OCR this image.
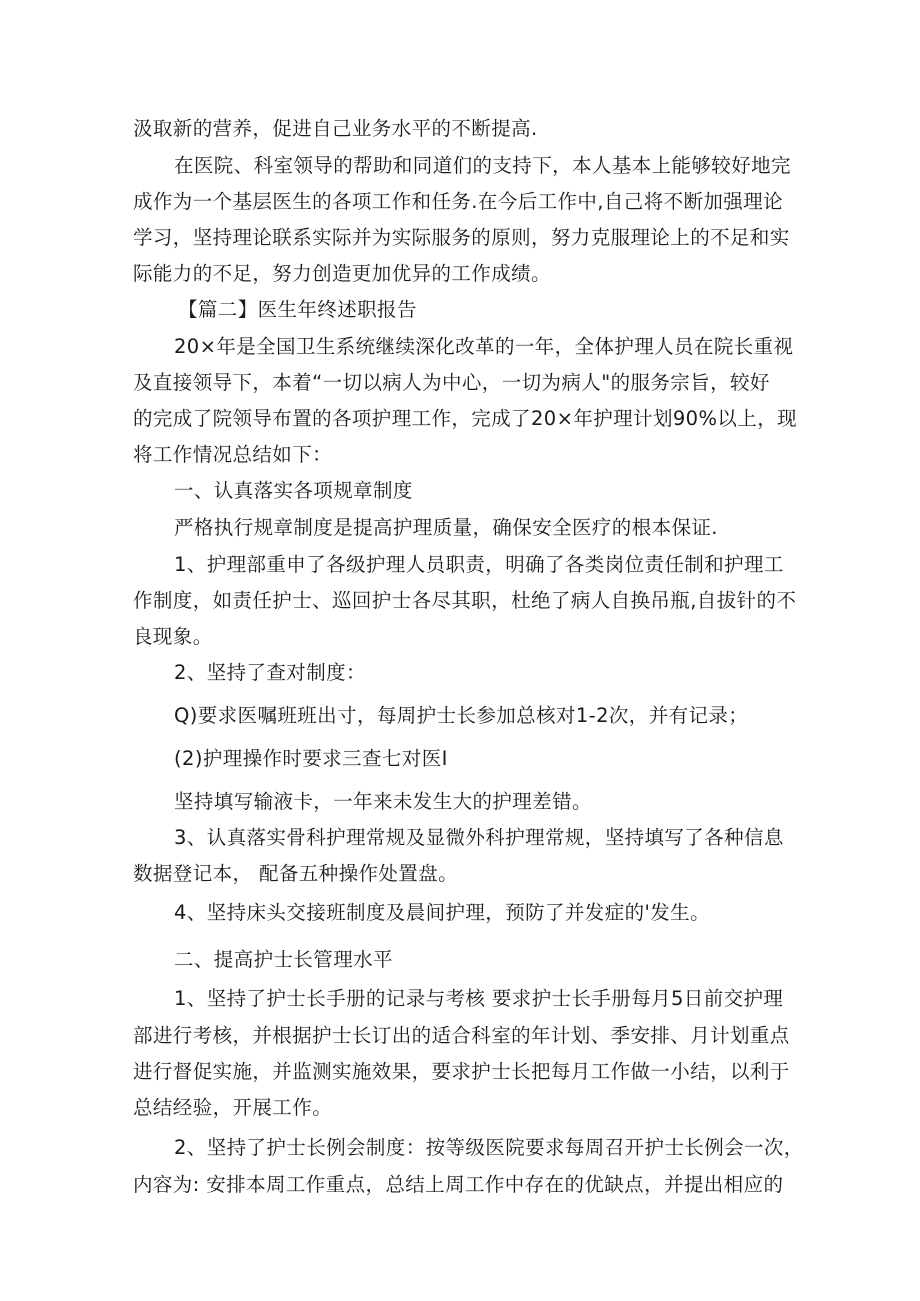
汲取新的营养，促进自己业务水平的不断提高.
在医院、科室领导的帮助和同道们的支持下，本人基本上能够较好地完
成作为一个基层医生的各项工作和任务.在今后工作中,自己将不断加强理论
学习，坚持理论联系实际并为实际服务的原则，努力克服理论上的不足和实
际能力的不足，努力创造更加优异的工作成绩。
【篇二】医生年终述职报告
20×年是全国卫生系统继续深化改革的一年，全体护理人员在院长重视
及直接领导下，本着“一切以病人为中心，一切为病人"的服务宗旨，较好
的完成了院领导布置的各项护理工作，完成了20×年护理计划90%以上，现
将工作情况总结如下：
一、认真落实各项规章制度
严格执行规章制度是提高护理质量，确保安全医疗的根本保证.
1、护理部重申了各级护理人员职责，明确了各类岗位责任制和护理工
作制度，如责任护士、巡回护士各尽其职，杜绝了病人自换吊瓶,自拔针的不
良现象。
2、坚持了查对制度：
Q)要求医嘱班班出寸，每周护士长参加总核对1-2次，并有记录；
(2)护理操作时要求三查七对医I
坚持填写输液卡，一年来未发生大的护理差错。
3、认真落实骨科护理常规及显微外科护理常规，坚持填写了各种信息
数据登记本， 配备五种操作处置盘。
4、坚持床头交接班制度及晨间护理，预防了并发症的'发生。
二、提高护士长管理水平
1、坚持了护士长手册的记录与考核 要求护士长手册每月5日前交护理
部进行考核，并根据护士长订出的适合科室的年计划、季安排、月计划重点
进行督促实施，并监测实施效果，要求护士长把每月工作做一小结，以利于
总结经验，开展工作。
2、坚持了护士长例会制度：按等级医院要求每周召开护士长例会一次，
内容为: 安排本周工作重点，总结上周工作中存在的优缺点，并提出相应的
